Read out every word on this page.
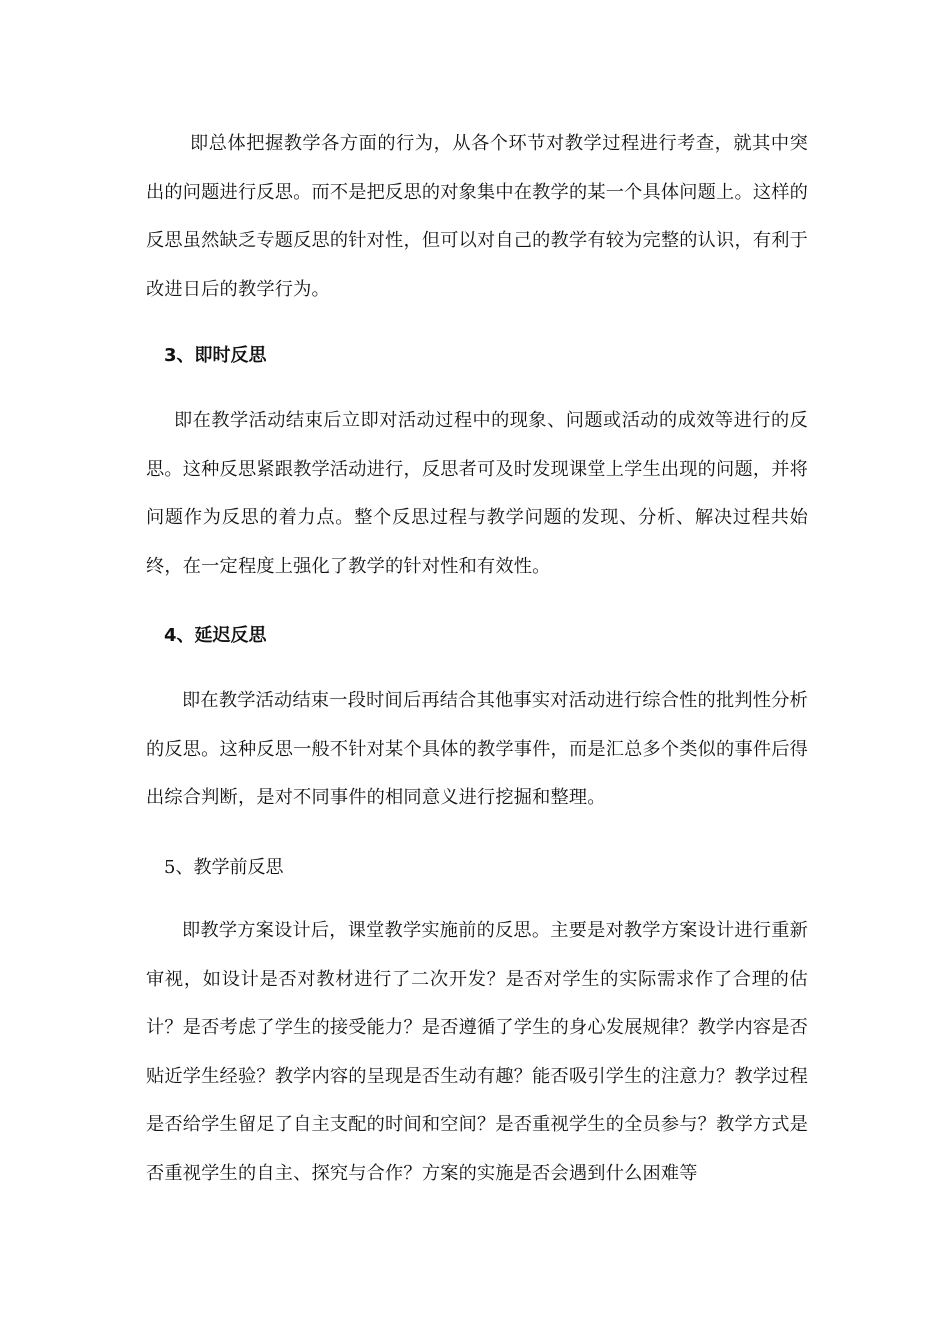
即总体把握教学各方面的行为，从各个环节对教学过程进行考查，就其中突出的问题进行反思。而不是把反思的对象集中在教学的某一个具体问题上。这样的反思虽然缺乏专题反思的针对性，但可以对自己的教学有较为完整的认识，有利于改进日后的教学行为。

3、即时反思

即在教学活动结束后立即对活动过程中的现象、问题或活动的成效等进行的反思。这种反思紧跟教学活动进行，反思者可及时发现课堂上学生出现的问题，并将问题作为反思的着力点。整个反思过程与教学问题的发现、分析、解决过程共始终，在一定程度上强化了教学的针对性和有效性。

4、延迟反思

即在教学活动结束一段时间后再结合其他事实对活动进行综合性的批判性分析的反思。这种反思一般不针对某个具体的教学事件，而是汇总多个类似的事件后得出综合判断，是对不同事件的相同意义进行挖掘和整理。

5、教学前反思

即教学方案设计后，课堂教学实施前的反思。主要是对教学方案设计进行重新审视，如设计是否对教材进行了二次开发？是否对学生的实际需求作了合理的估计？是否考虑了学生的接受能力？是否遵循了学生的身心发展规律？教学内容是否贴近学生经验？教学内容的呈现是否生动有趣？能否吸引学生的注意力？教学过程是否给学生留足了自主支配的时间和空间？是否重视学生的全员参与？教学方式是否重视学生的自主、探究与合作？方案的实施是否会遇到什么困难等
